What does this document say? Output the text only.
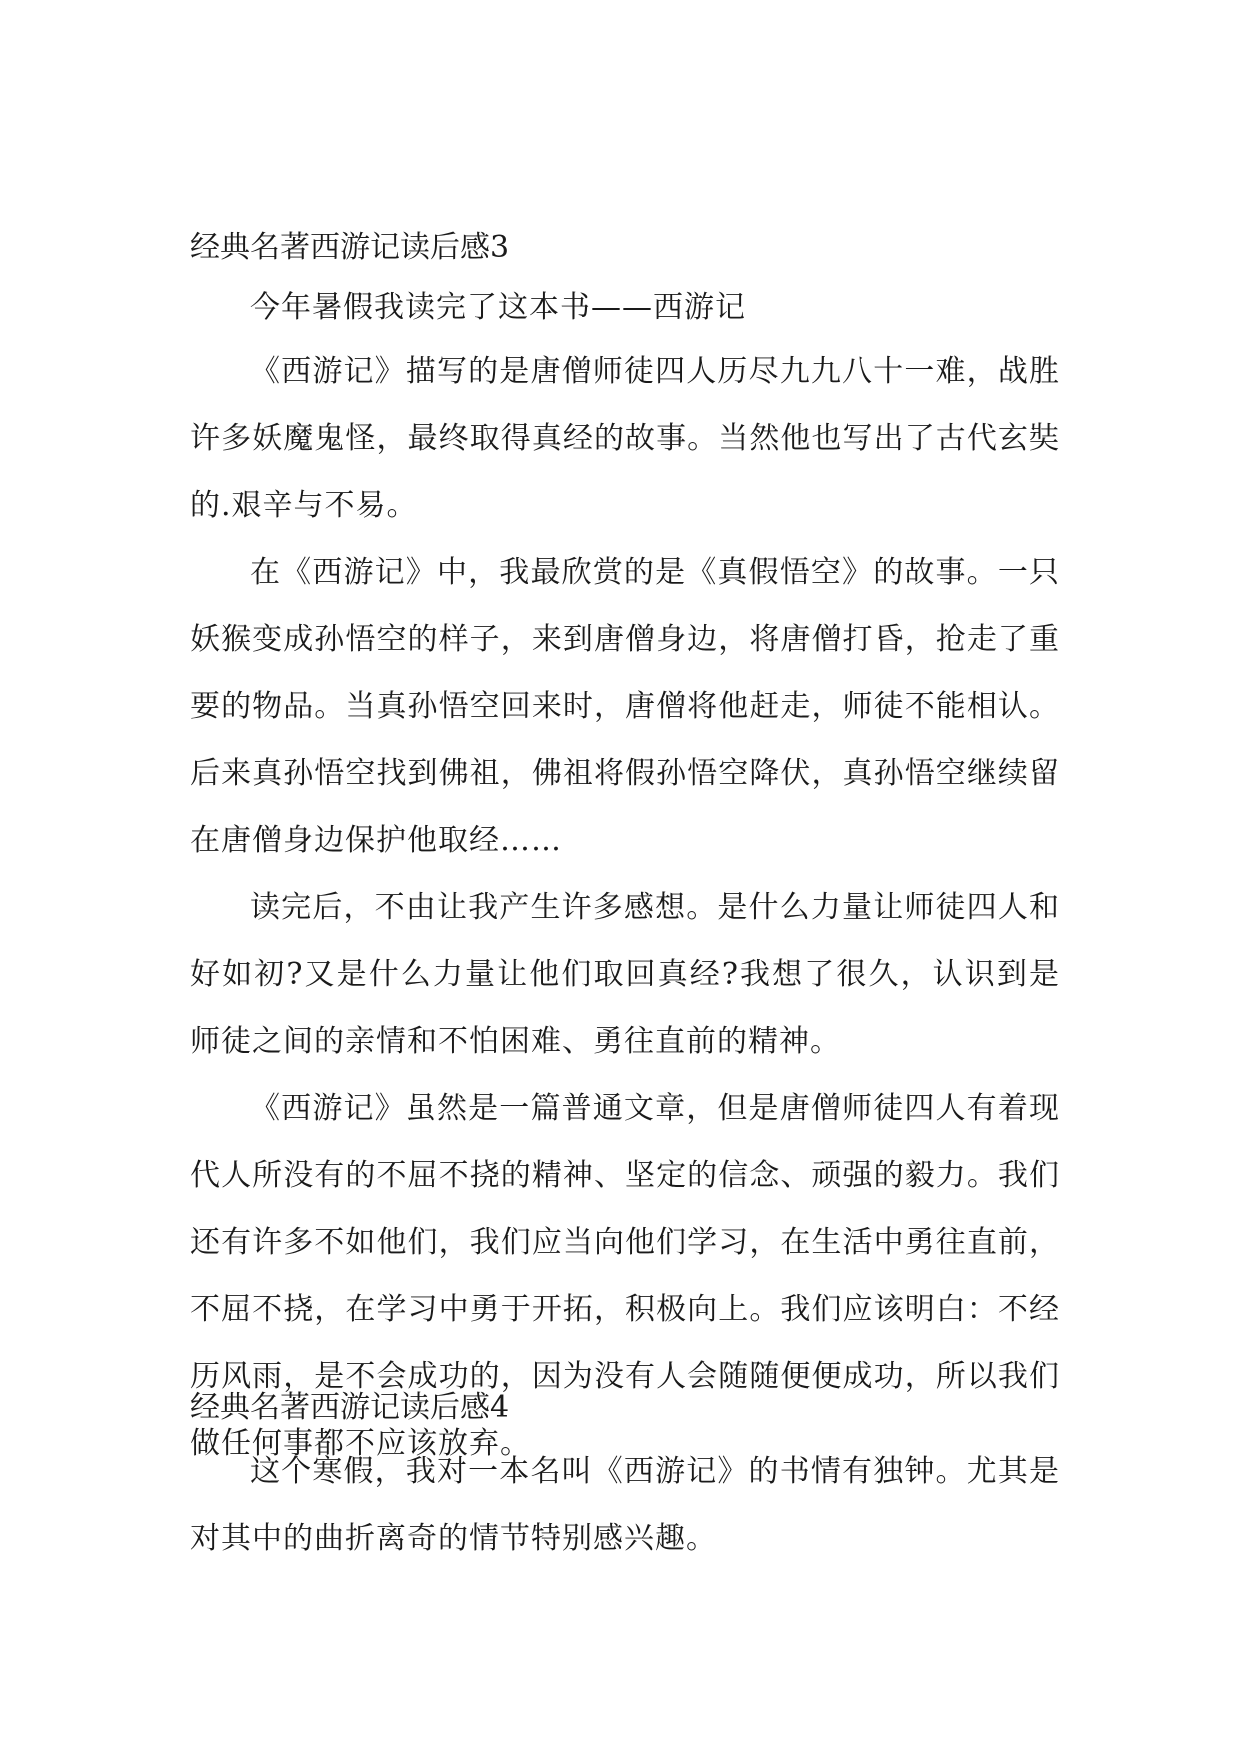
经典名著西游记读后感3

今年暑假我读完了这本书——西游记

《西游记》描写的是唐僧师徒四人历尽九九八十一难，战胜许多妖魔鬼怪，最终取得真经的故事。当然他也写出了古代玄奘的.艰辛与不易。

在《西游记》中，我最欣赏的是《真假悟空》的故事。一只妖猴变成孙悟空的样子，来到唐僧身边，将唐僧打昏，抢走了重要的物品。当真孙悟空回来时，唐僧将他赶走，师徒不能相认。后来真孙悟空找到佛祖，佛祖将假孙悟空降伏，真孙悟空继续留在唐僧身边保护他取经……

读完后，不由让我产生许多感想。是什么力量让师徒四人和好如初?又是什么力量让他们取回真经?我想了很久，认识到是师徒之间的亲情和不怕困难、勇往直前的精神。

《西游记》虽然是一篇普通文章，但是唐僧师徒四人有着现代人所没有的不屈不挠的精神、坚定的信念、顽强的毅力。我们还有许多不如他们，我们应当向他们学习，在生活中勇往直前，不屈不挠，在学习中勇于开拓，积极向上。我们应该明白：不经历风雨，是不会成功的，因为没有人会随随便便成功，所以我们做任何事都不应该放弃。

经典名著西游记读后感4

这个寒假，我对一本名叫《西游记》的书情有独钟。尤其是对其中的曲折离奇的情节特别感兴趣。
